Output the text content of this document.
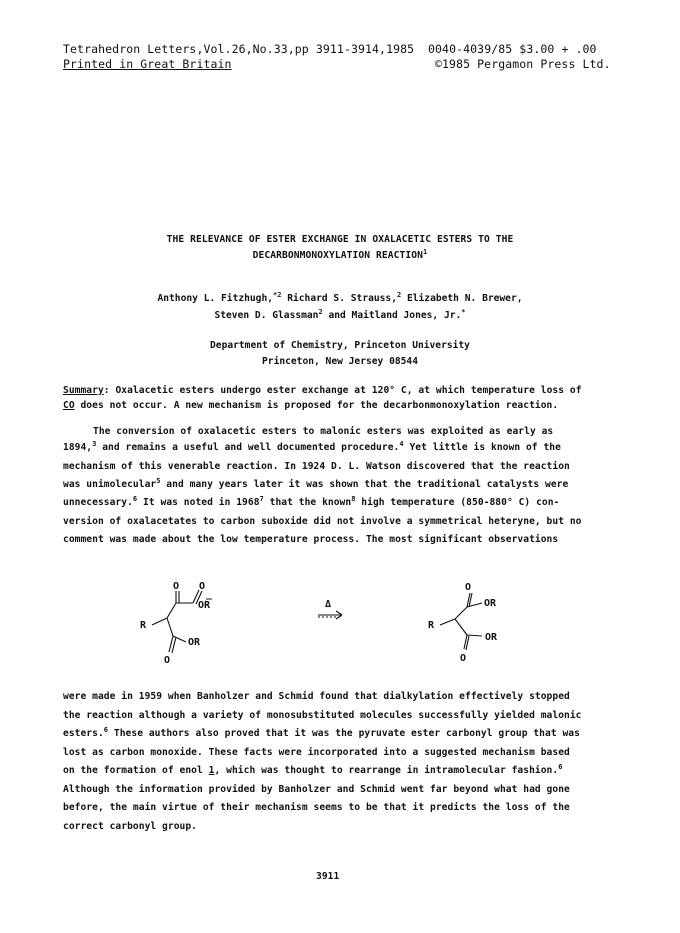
Tetrahedron Letters,Vol.26,No.33,pp 3911-3914,1985
Printed in Great Britain
0040-4039/85 $3.00 + .00
©1985 Pergamon Press Ltd.
THE RELEVANCE OF ESTER EXCHANGE IN OXALACETIC ESTERS TO THE
DECARBONMONOXYLATION REACTION$^1$
Anthony L. Fitzhugh,$^{*2}$ Richard S. Strauss,$^2$ Elizabeth N. Brewer,
Steven D. Glassman$^2$ and Maitland Jones, Jr.*
Department of Chemistry, Princeton University
Princeton, New Jersey 08544
Summary: Oxalacetic esters undergo ester exchange at 120° C, at which temperature loss of
CO does not occur. A new mechanism is proposed for the decarbonmonoxylation reaction.
The conversion of oxalacetic esters to malonic esters was exploited as early as
1894,$^3$ and remains a useful and well documented procedure.$^4$ Yet little is known of the
mechanism of this venerable reaction. In 1924 D. L. Watson discovered that the reaction
was unimolecular$^5$ and many years later it was shown that the traditional catalysts were
unnecessary.$^6$ It was noted in 1968$^7$ that the known$^8$ high temperature (850-880° C) con-
version of oxalacetates to carbon suboxide did not involve a symmetrical heteryne, but no
comment was made about the low temperature process. The most significant observations
R
O O
OR
OR
O
Δ
O
OR
R
OR
O
were made in 1959 when Banholzer and Schmid found that dialkylation effectively stopped
the reaction although a variety of monosubstituted molecules successfully yielded malonic
esters.$^6$ These authors also proved that it was the pyruvate ester carbonyl group that was
lost as carbon monoxide. These facts were incorporated into a suggested mechanism based
on the formation of enol 1, which was thought to rearrange in intramolecular fashion.$^6$
Although the information provided by Banholzer and Schmid went far beyond what had gone
before, the main virtue of their mechanism seems to be that it predicts the loss of the
correct carbonyl group.
3911
